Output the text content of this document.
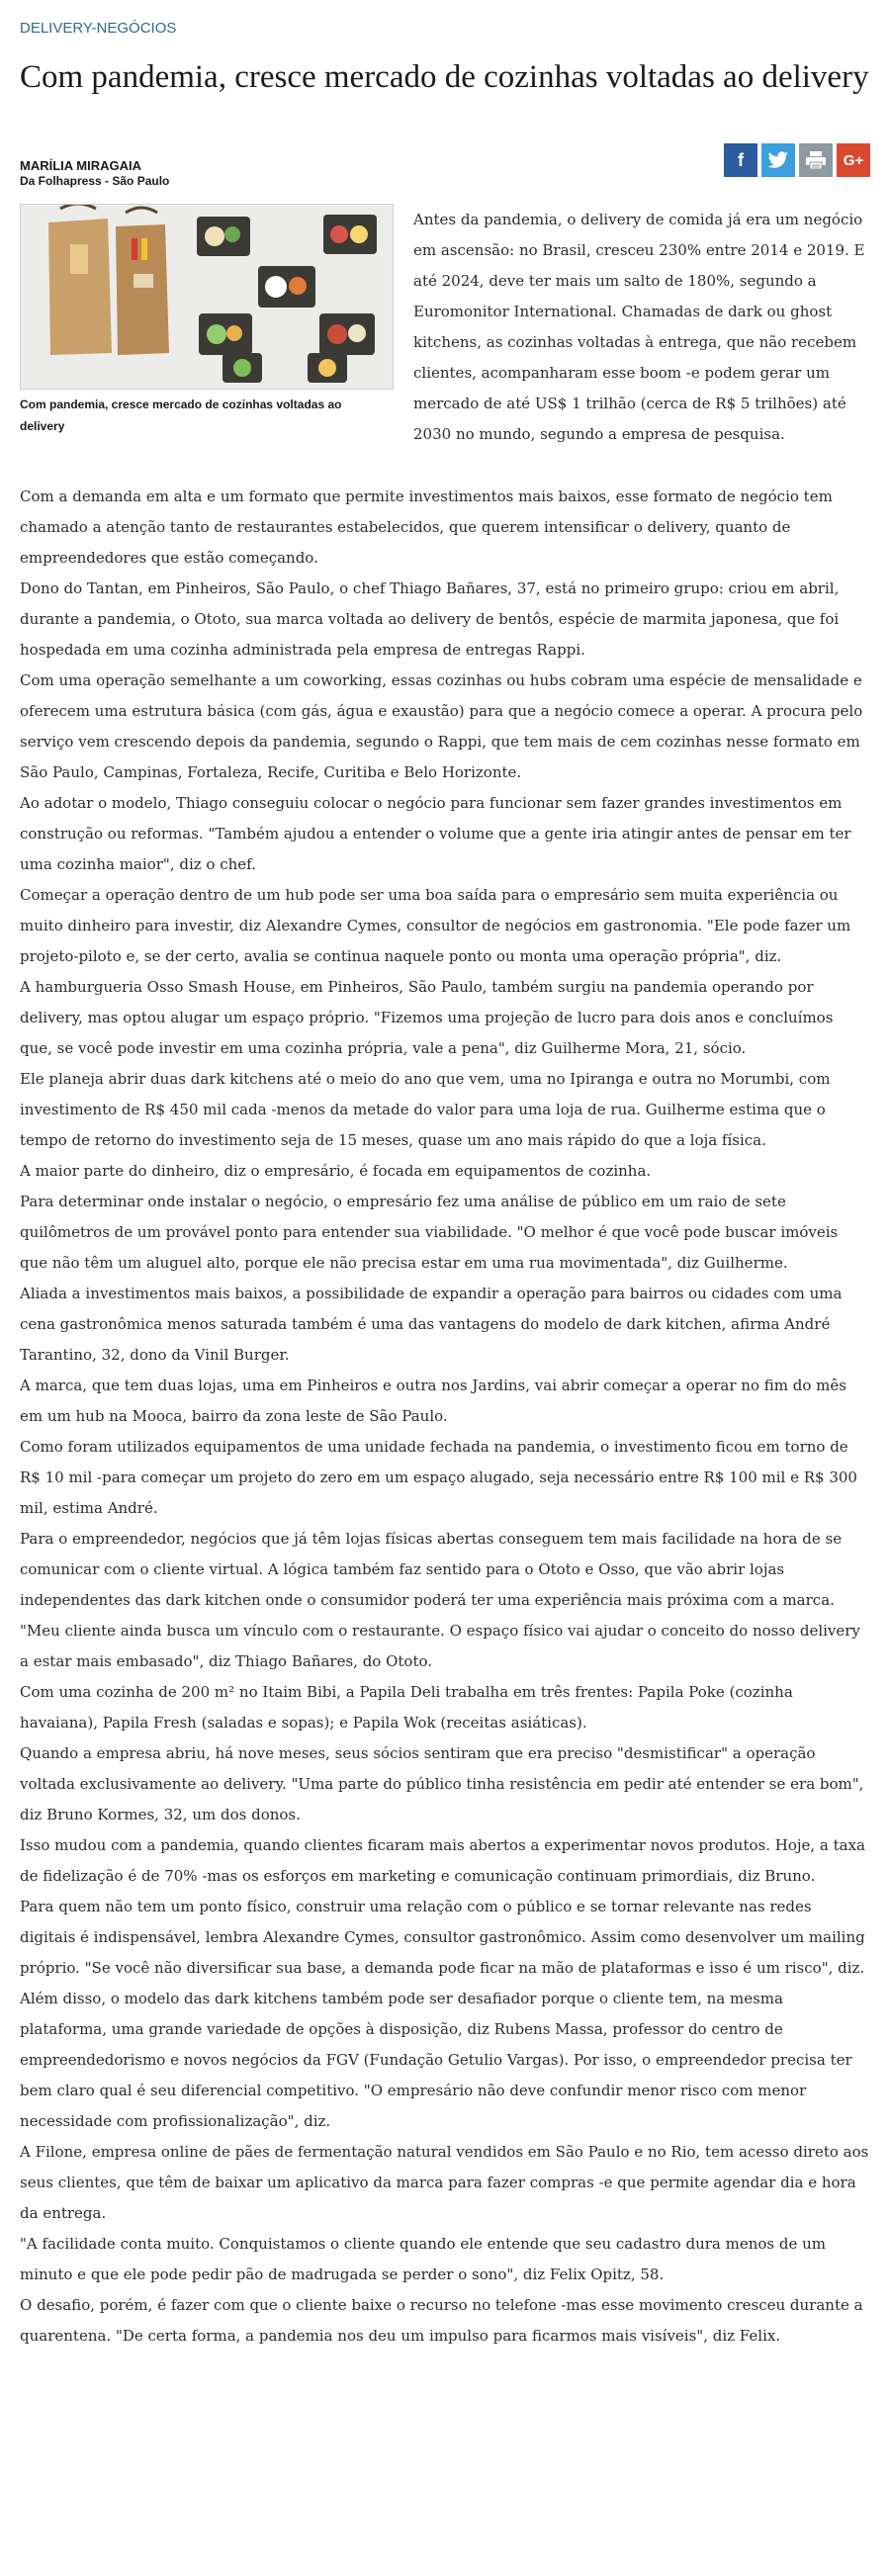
DELIVERY-NEGÓCIOS
Com pandemia, cresce mercado de cozinhas voltadas ao delivery
MARÍLIA MIRAGAIA
Da Folhapress - São Paulo
f	G+
Com pandemia, cresce mercado de cozinhas voltadas ao delivery

Antes da pandemia, o delivery de comida já era um negócio em ascensão: no Brasil, cresceu 230% entre 2014 e 2019. E até 2024, deve ter mais um salto de 180%, segundo a Euromonitor International. Chamadas de dark ou ghost kitchens, as cozinhas voltadas à entrega, que não recebem clientes, acompanharam esse boom -e podem gerar um mercado de até US$ 1 trilhão (cerca de R$ 5 trilhões) até 2030 no mundo, segundo a empresa de pesquisa.

Com a demanda em alta e um formato que permite investimentos mais baixos, esse formato de negócio tem chamado a atenção tanto de restaurantes estabelecidos, que querem intensificar o delivery, quanto de empreendedores que estão começando.

Dono do Tantan, em Pinheiros, São Paulo, o chef Thiago Bañares, 37, está no primeiro grupo: criou em abril, durante a pandemia, o Ototo, sua marca voltada ao delivery de bentôs, espécie de marmita japonesa, que foi hospedada em uma cozinha administrada pela empresa de entregas Rappi.

Com uma operação semelhante a um coworking, essas cozinhas ou hubs cobram uma espécie de mensalidade e oferecem uma estrutura básica (com gás, água e exaustão) para que a negócio comece a operar. A procura pelo serviço vem crescendo depois da pandemia, segundo o Rappi, que tem mais de cem cozinhas nesse formato em São Paulo, Campinas, Fortaleza, Recife, Curitiba e Belo Horizonte.

Ao adotar o modelo, Thiago conseguiu colocar o negócio para funcionar sem fazer grandes investimentos em construção ou reformas. "Também ajudou a entender o volume que a gente iria atingir antes de pensar em ter uma cozinha maior", diz o chef.

Começar a operação dentro de um hub pode ser uma boa saída para o empresário sem muita experiência ou muito dinheiro para investir, diz Alexandre Cymes, consultor de negócios em gastronomia. "Ele pode fazer um projeto-piloto e, se der certo, avalia se continua naquele ponto ou monta uma operação própria", diz.

A hamburgueria Osso Smash House, em Pinheiros, São Paulo, também surgiu na pandemia operando por delivery, mas optou alugar um espaço próprio. "Fizemos uma projeção de lucro para dois anos e concluímos que, se você pode investir em uma cozinha própria, vale a pena", diz Guilherme Mora, 21, sócio.

Ele planeja abrir duas dark kitchens até o meio do ano que vem, uma no Ipiranga e outra no Morumbi, com investimento de R$ 450 mil cada -menos da metade do valor para uma loja de rua. Guilherme estima que o tempo de retorno do investimento seja de 15 meses, quase um ano mais rápido do que a loja física.

A maior parte do dinheiro, diz o empresário, é focada em equipamentos de cozinha.

Para determinar onde instalar o negócio, o empresário fez uma análise de público em um raio de sete quilômetros de um provável ponto para entender sua viabilidade. "O melhor é que você pode buscar imóveis que não têm um aluguel alto, porque ele não precisa estar em uma rua movimentada", diz Guilherme.

Aliada a investimentos mais baixos, a possibilidade de expandir a operação para bairros ou cidades com uma cena gastronômica menos saturada também é uma das vantagens do modelo de dark kitchen, afirma André Tarantino, 32, dono da Vinil Burger.

A marca, que tem duas lojas, uma em Pinheiros e outra nos Jardins, vai abrir começar a operar no fim do mês em um hub na Mooca, bairro da zona leste de São Paulo.

Como foram utilizados equipamentos de uma unidade fechada na pandemia, o investimento ficou em torno de R$ 10 mil -para começar um projeto do zero em um espaço alugado, seja necessário entre R$ 100 mil e R$ 300 mil, estima André.

Para o empreendedor, negócios que já têm lojas físicas abertas conseguem tem mais facilidade na hora de se comunicar com o cliente virtual. A lógica também faz sentido para o Ototo e Osso, que vão abrir lojas independentes das dark kitchen onde o consumidor poderá ter uma experiência mais próxima com a marca.

"Meu cliente ainda busca um vínculo com o restaurante. O espaço físico vai ajudar o conceito do nosso delivery a estar mais embasado", diz Thiago Bañares, do Ototo.

Com uma cozinha de 200 m² no Itaim Bibi, a Papila Deli trabalha em três frentes: Papila Poke (cozinha havaiana), Papila Fresh (saladas e sopas); e Papila Wok (receitas asiáticas).

Quando a empresa abriu, há nove meses, seus sócios sentiram que era preciso "desmistificar" a operação voltada exclusivamente ao delivery. "Uma parte do público tinha resistência em pedir até entender se era bom", diz Bruno Kormes, 32, um dos donos.

Isso mudou com a pandemia, quando clientes ficaram mais abertos a experimentar novos produtos. Hoje, a taxa de fidelização é de 70% -mas os esforços em marketing e comunicação continuam primordiais, diz Bruno.

Para quem não tem um ponto físico, construir uma relação com o público e se tornar relevante nas redes digitais é indispensável, lembra Alexandre Cymes, consultor gastronômico. Assim como desenvolver um mailing próprio. "Se você não diversificar sua base, a demanda pode ficar na mão de plataformas e isso é um risco", diz.

Além disso, o modelo das dark kitchens também pode ser desafiador porque o cliente tem, na mesma plataforma, uma grande variedade de opções à disposição, diz Rubens Massa, professor do centro de empreendedorismo e novos negócios da FGV (Fundação Getulio Vargas). Por isso, o empreendedor precisa ter bem claro qual é seu diferencial competitivo. "O empresário não deve confundir menor risco com menor necessidade com profissionalização", diz.

A Filone, empresa online de pães de fermentação natural vendidos em São Paulo e no Rio, tem acesso direto aos seus clientes, que têm de baixar um aplicativo da marca para fazer compras -e que permite agendar dia e hora da entrega.

"A facilidade conta muito. Conquistamos o cliente quando ele entende que seu cadastro dura menos de um minuto e que ele pode pedir pão de madrugada se perder o sono", diz Felix Opitz, 58.

O desafio, porém, é fazer com que o cliente baixe o recurso no telefone -mas esse movimento cresceu durante a quarentena. "De certa forma, a pandemia nos deu um impulso para ficarmos mais visíveis", diz Felix.
